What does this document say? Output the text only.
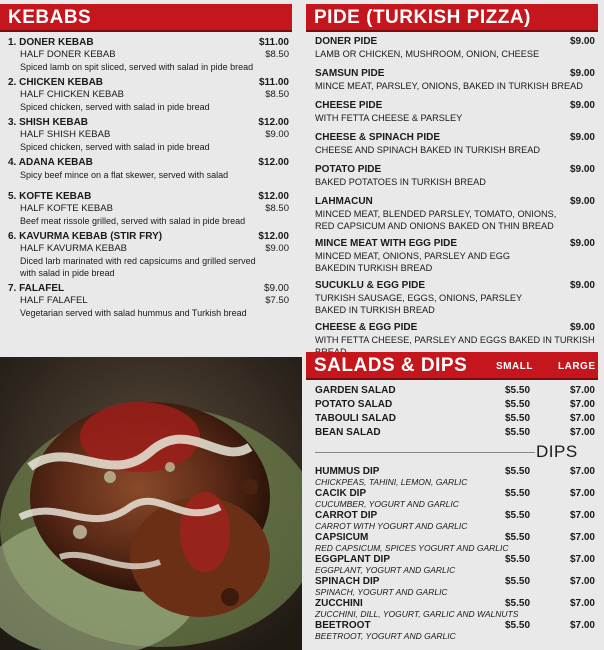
KEBABS
1. DONER KEBAB	$11.00
HALF DONER KEBAB	$8.50
Spiced lamb on spit sliced, served with salad in pide bread
2. CHICKEN KEBAB	$11.00
HALF CHICKEN KEBAB	$8.50
Spiced chicken, served with salad in pide bread
3. SHISH KEBAB	$12.00
HALF SHISH KEBAB	$9.00
Spiced chicken, served with salad in pide bread
4. ADANA KEBAB	$12.00
Spicy beef mince on a flat skewer, served with salad
5. KOFTE KEBAB	$12.00
HALF KOFTE KEBAB	$8.50
Beef meat rissole grilled, served with salad in pide bread
6. KAVURMA KEBAB (STIR FRY)	$12.00
HALF KAVURMA KEBAB	$9.00
Diced larb marinated with red capsicums and grilled served
with salad in pide bread
7. FALAFEL	$9.00
HALF FALAFEL	$7.50
Vegetarian served with salad hummus and Turkish bread
PIDE (TURKISH PIZZA)
DONER PIDE	$9.00
LAMB OR CHICKEN, MUSHROOM, ONION, CHEESE
SAMSUN PIDE	$9.00
MINCE MEAT, PARSLEY, ONIONS, BAKED IN TURKISH BREAD
CHEESE PIDE	$9.00
WITH FETTA CHEESE & PARSLEY
CHEESE & SPINACH PIDE	$9.00
CHEESE AND SPINACH BAKED IN TURKISH BREAD
POTATO PIDE	$9.00
BAKED POTATOES IN TURKISH BREAD
LAHMACUN	$9.00
MINCED MEAT, BLENDED PARSLEY, TOMATO, ONIONS,
RED CAPSICUM AND ONIONS BAKED ON THIN BREAD
MINCE MEAT WITH EGG PIDE	$9.00
MINCED MEAT, ONIONS, PARSLEY AND EGG
BAKEDIN TURKISH BREAD
SUCUKLU & EGG PIDE	$9.00
TURKISH SAUSAGE, EGGS, ONIONS, PARSLEY
BAKED IN TURKISH BREAD
CHEESE & EGG PIDE	$9.00
WITH FETTA CHEESE, PARSLEY AND EGGS BAKED IN TURKISH
SALADS & DIPS	SMALL	LARGE
GARDEN SALAD	$5.50	$7.00
POTATO SALAD	$5.50	$7.00
TABOULI SALAD	$5.50	$7.00
BEAN SALAD	$5.50	$7.00
DIPS
HUMMUS DIP	$5.50	$7.00
CHICKPEAS, TAHINI, LEMON, GARLIC
CACIK DIP	$5.50	$7.00
CUCUMBER, YOGURT AND GARLIC
CARROT DIP	$5.50	$7.00
CARROT WITH YOGURT AND GARLIC
CAPSICUM	$5.50	$7.00
RED CAPSICUM, SPICES YOGURT AND GARLIC
EGGPLANT DIP	$5.50	$7.00
EGGPLANT, YOGURT AND GARLIC
SPINACH DIP	$5.50	$7.00
SPINACH, YOGURT AND GARLIC
ZUCCHINI	$5.50	$7.00
ZUCCHINI, DILL, YOGURT, GARLIC AND WALNUTS
BEETROOT	$5.50	$7.00
BEETROOT, YOGURT AND GARLIC
